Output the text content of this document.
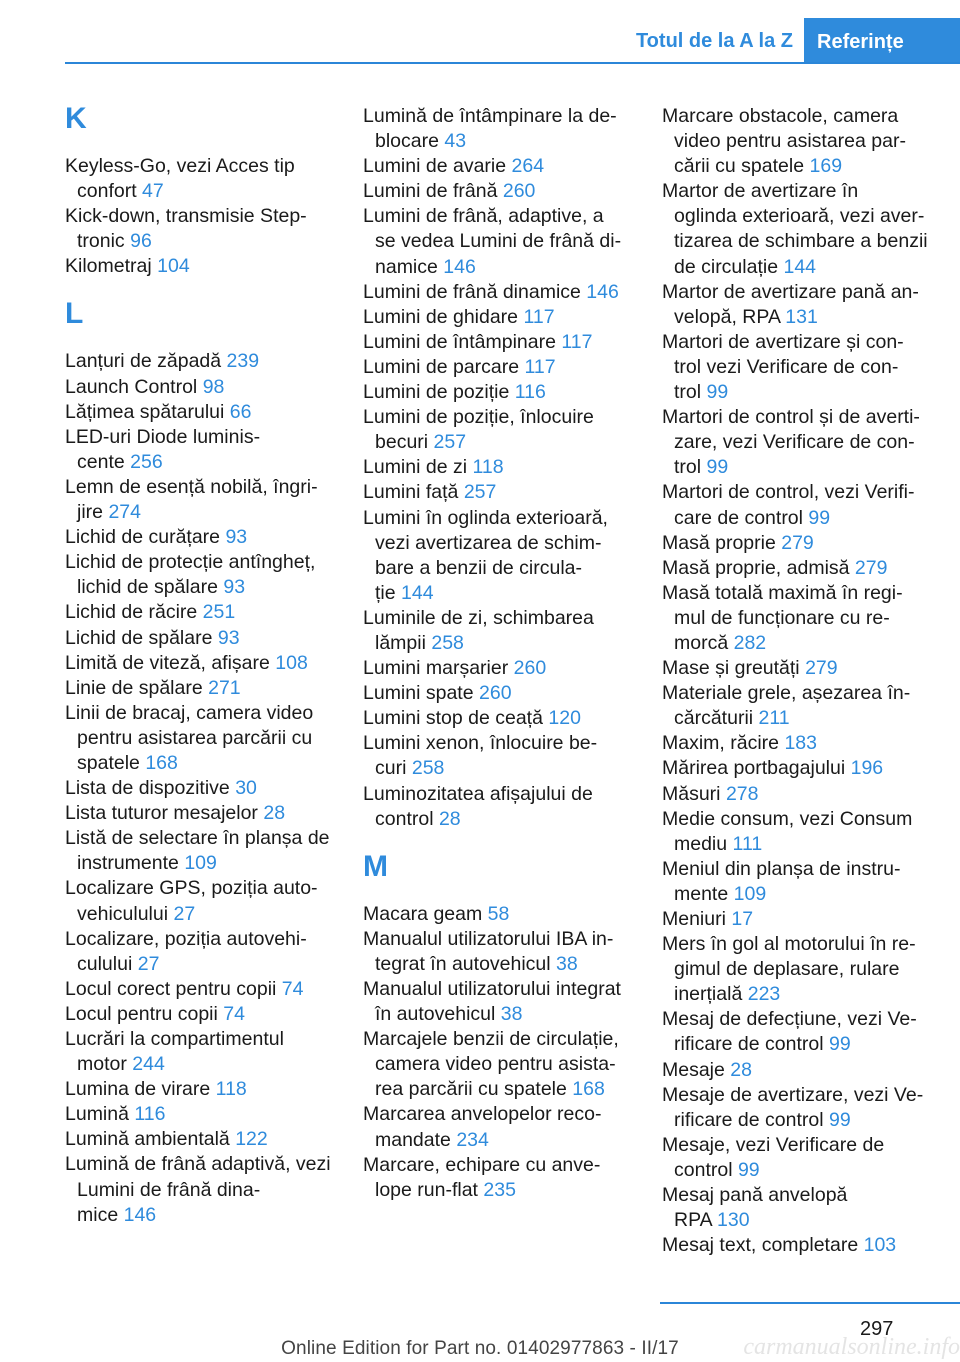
Totul de la A la Z	Referințe
K

Keyless-Go, vezi Acces tip
confort 47

Kick-down, transmisie Step-
tronic 96

Kilometraj 104

L

Lanțuri de zăpadă 239

Launch Control 98

Lățimea spătarului 66

LED-uri Diode luminis-
cente 256

Lemn de esență nobilă, îngri-
jire 274

Lichid de curățare 93

Lichid de protecție antîngheț,
lichid de spălare 93

Lichid de răcire 251

Lichid de spălare 93

Limită de viteză, afișare 108

Linie de spălare 271

Linii de bracaj, camera video
pentru asistarea parcării cu
spatele 168

Lista de dispozitive 30

Lista tuturor mesajelor 28

Listă de selectare în planșa de
instrumente 109

Localizare GPS, poziția auto-
vehiculului 27

Localizare, poziția autovehi-
culului 27

Locul corect pentru copii 74

Locul pentru copii 74

Lucrări la compartimentul
motor 244

Lumina de virare 118

Lumină 116

Lumină ambientală 122

Lumină de frână adaptivă, vezi
Lumini de frână dina-
mice 146

Lumină de întâmpinare la de-
blocare 43

Lumini de avarie 264

Lumini de frână 260

Lumini de frână, adaptive, a
se vedea Lumini de frână di-
namice 146

Lumini de frână dinamice 146

Lumini de ghidare 117

Lumini de întâmpinare 117

Lumini de parcare 117

Lumini de poziție 116

Lumini de poziție, înlocuire
becuri 257

Lumini de zi 118

Lumini față 257

Lumini în oglinda exterioară,
vezi avertizarea de schim-
bare a benzii de circula-
ție 144

Luminile de zi, schimbarea
lămpii 258

Lumini marșarier 260

Lumini spate 260

Lumini stop de ceață 120

Lumini xenon, înlocuire be-
curi 258

Luminozitatea afișajului de
control 28

M

Macara geam 58

Manualul utilizatorului IBA in-
tegrat în autovehicul 38

Manualul utilizatorului integrat
în autovehicul 38

Marcajele benzii de circulație,
camera video pentru asista-
rea parcării cu spatele 168

Marcarea anvelopelor reco-
mandate 234

Marcare, echipare cu anve-
lope run-flat 235

Marcare obstacole, camera
video pentru asistarea par-
cării cu spatele 169

Martor de avertizare în
oglinda exterioară, vezi aver-
tizarea de schimbare a benzii
de circulație 144

Martor de avertizare pană an-
velopă, RPA 131

Martori de avertizare și con-
trol vezi Verificare de con-
trol 99

Martori de control și de averti-
zare, vezi Verificare de con-
trol 99

Martori de control, vezi Verifi-
care de control 99

Masă proprie 279

Masă proprie, admisă 279

Masă totală maximă în regi-
mul de funcționare cu re-
morcă 282

Mase și greutăți 279

Materiale grele, așezarea în-
cărcăturii 211

Maxim, răcire 183

Mărirea portbagajului 196

Măsuri 278

Medie consum, vezi Consum
mediu 111

Meniul din planșa de instru-
mente 109

Meniuri 17

Mers în gol al motorului în re-
gimul de deplasare, rulare
inerțială 223

Mesaj de defecțiune, vezi Ve-
rificare de control 99

Mesaje 28

Mesaje de avertizare, vezi Ve-
rificare de control 99

Mesaje, vezi Verificare de
control 99

Mesaj pană anvelopă
RPA 130

Mesaj text, completare 103

297
Online Edition for Part no. 01402977863 - II/17	carmanualsonline.info
